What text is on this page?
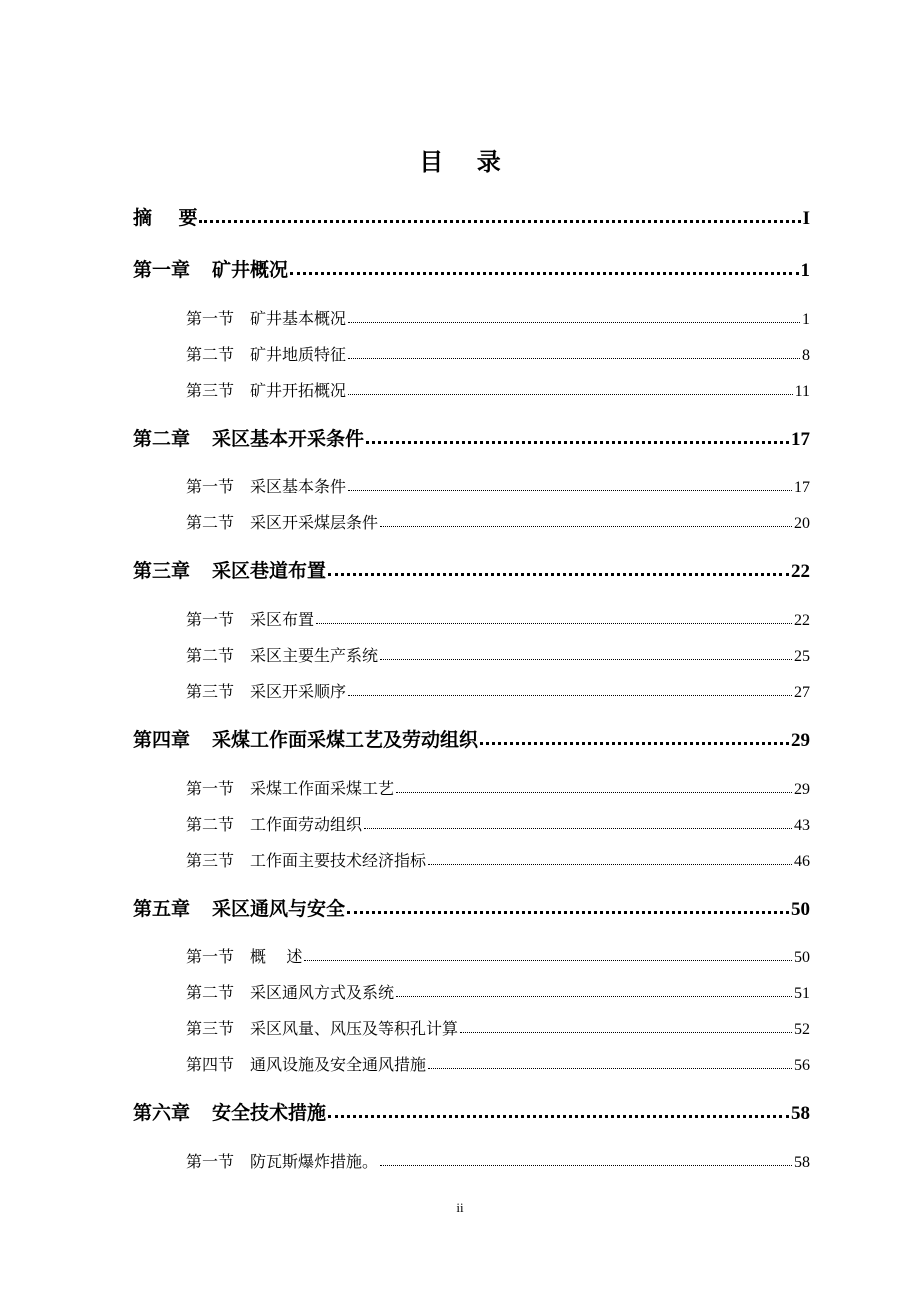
目    录
摘    要	I
第一章 矿井概况	1
第一节 矿井基本概况	1
第二节 矿井地质特征	8
第三节 矿井开拓概况	11
第二章 采区基本开采条件	17
第一节 采区基本条件	17
第二节 采区开采煤层条件	20
第三章 采区巷道布置	22
第一节 采区布置	22
第二节 采区主要生产系统	25
第三节 采区开采顺序	27
第四章 采煤工作面采煤工艺及劳动组织	29
第一节 采煤工作面采煤工艺	29
第二节 工作面劳动组织	43
第三节 工作面主要技术经济指标	46
第五章 采区通风与安全	50
第一节 概    述	50
第二节 采区通风方式及系统	51
第三节 采区风量、风压及等积孔计算	52
第四节 通风设施及安全通风措施	56
第六章 安全技术措施	58
第一节 防瓦斯爆炸措施。	58
ii
